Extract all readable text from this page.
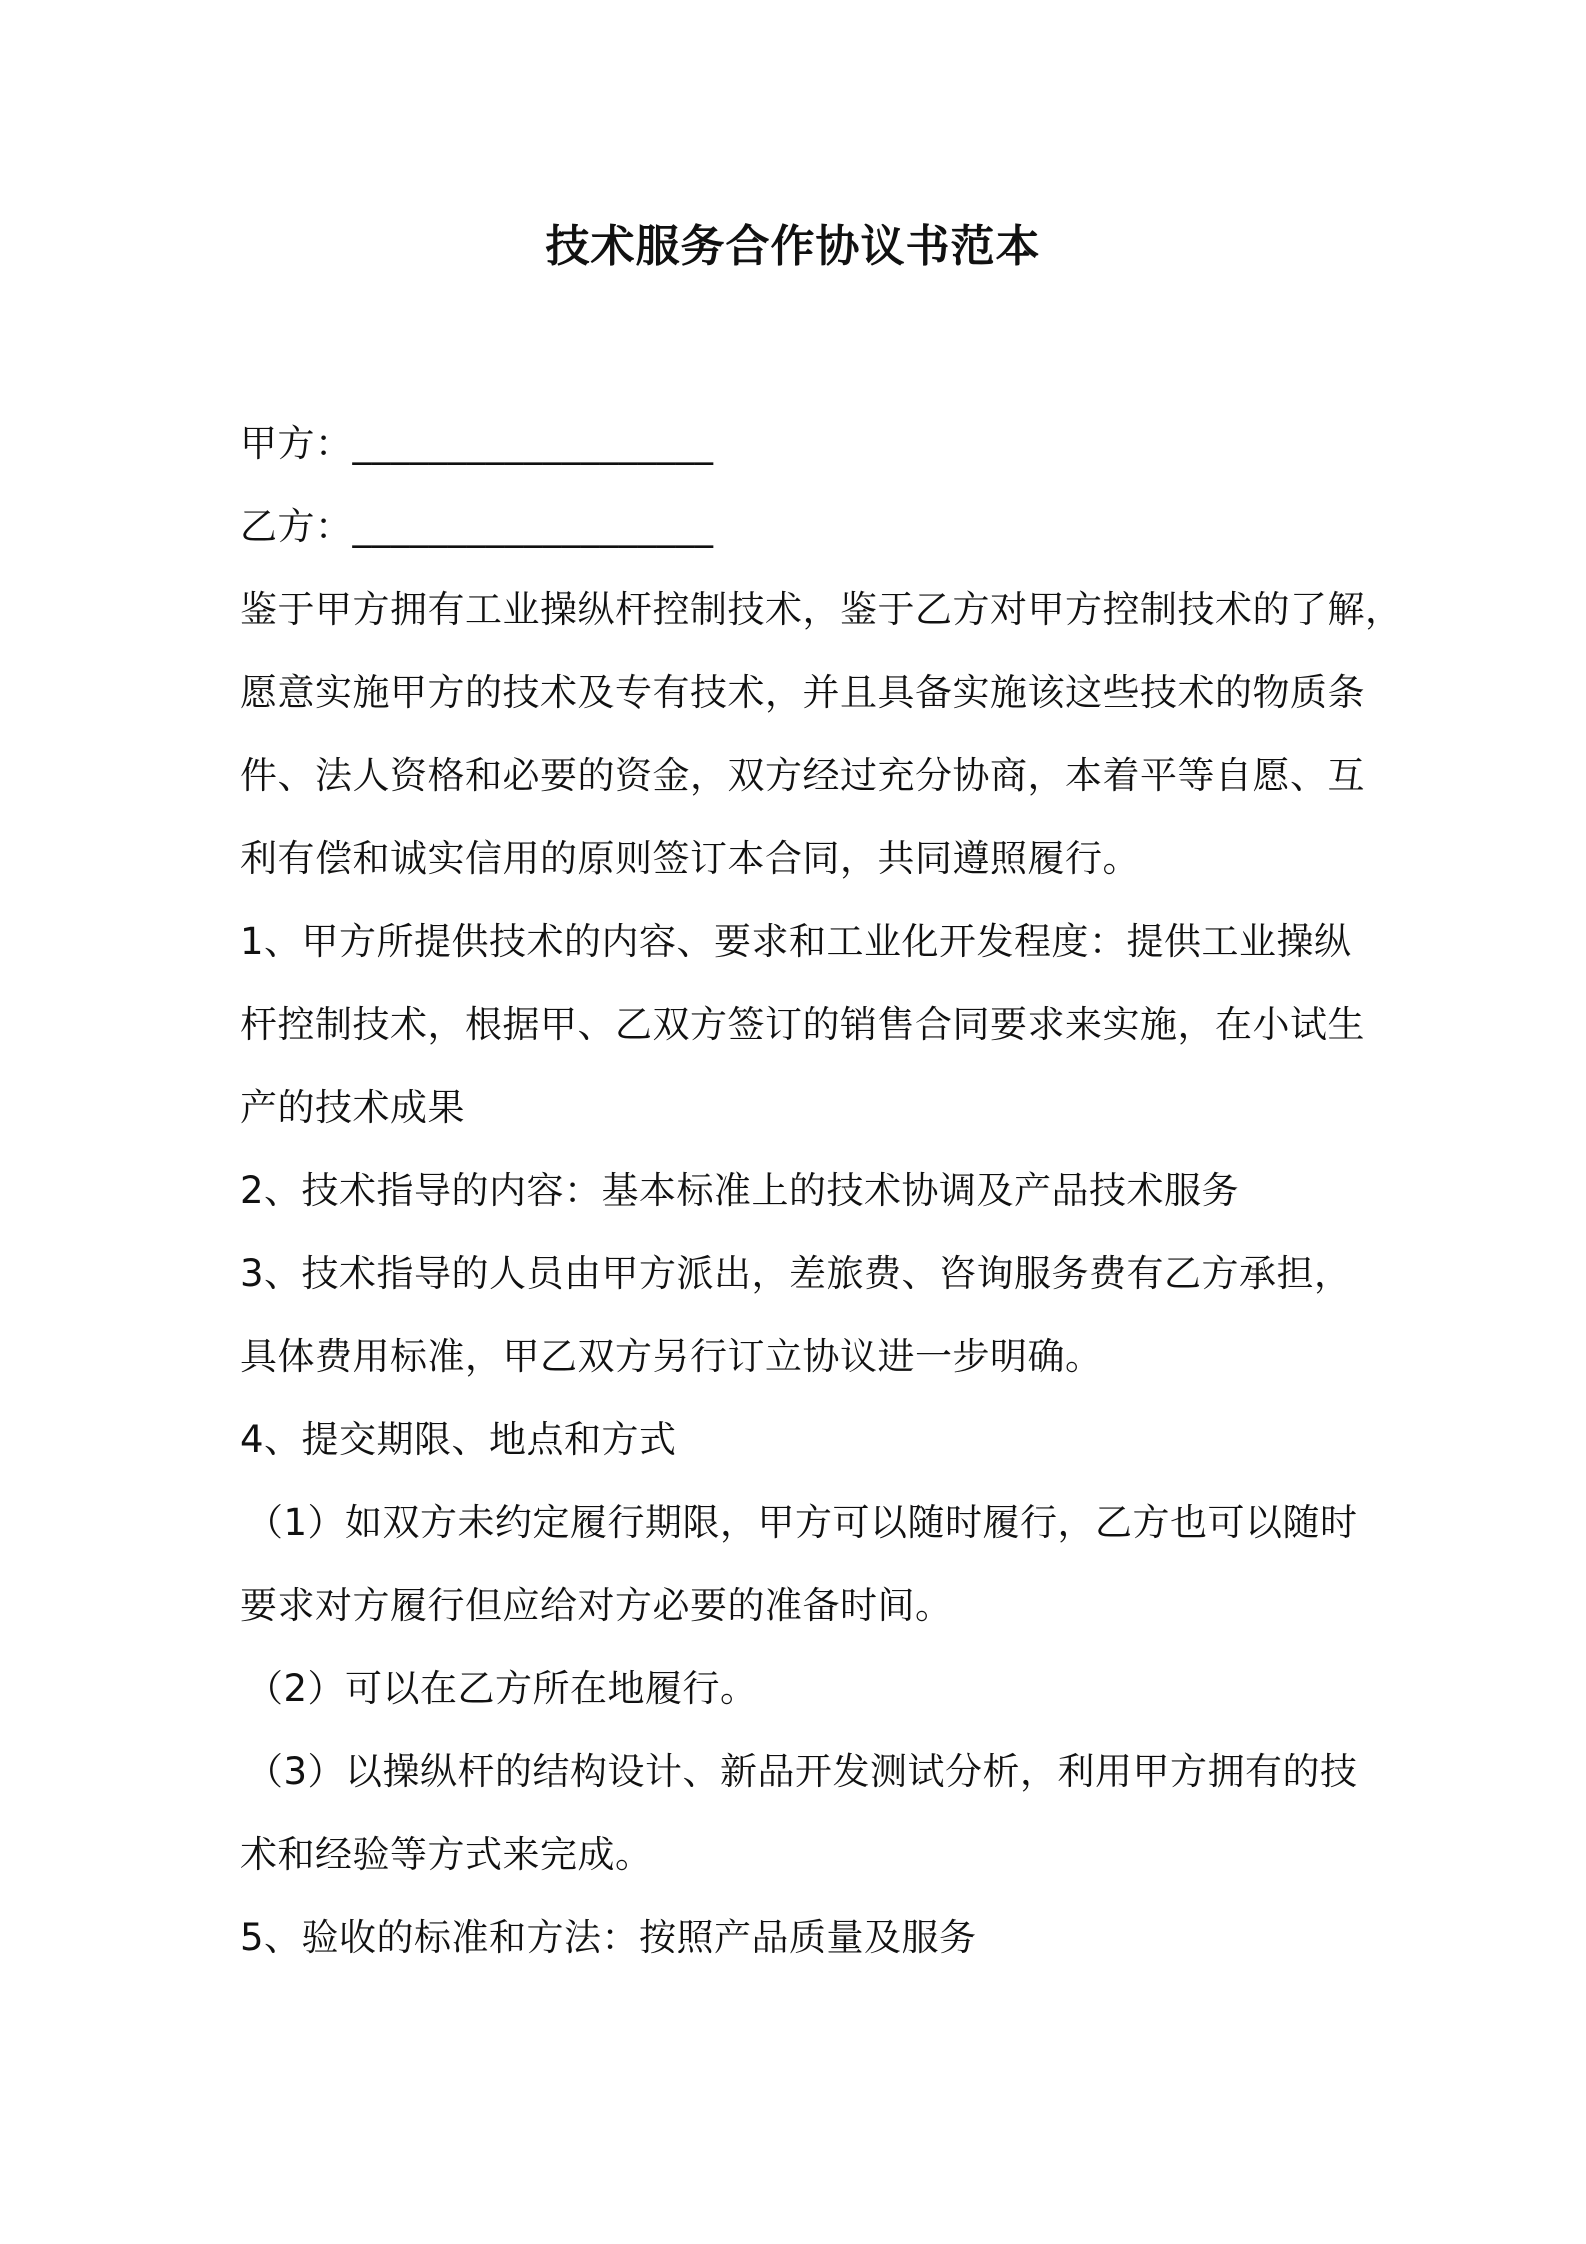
技术服务合作协议书范本
甲方：___________________
乙方：___________________
鉴于甲方拥有工业操纵杆控制技术，鉴于乙方对甲方控制技术的了解，
愿意实施甲方的技术及专有技术，并且具备实施该这些技术的物质条
件、法人资格和必要的资金，双方经过充分协商，本着平等自愿、互
利有偿和诚实信用的原则签订本合同，共同遵照履行。
1、甲方所提供技术的内容、要求和工业化开发程度：提供工业操纵
杆控制技术，根据甲、乙双方签订的销售合同要求来实施，在小试生
产的技术成果
2、技术指导的内容：基本标准上的技术协调及产品技术服务
3、技术指导的人员由甲方派出，差旅费、咨询服务费有乙方承担，
具体费用标准，甲乙双方另行订立协议进一步明确。
4、提交期限、地点和方式
（1）如双方未约定履行期限，甲方可以随时履行，乙方也可以随时
要求对方履行但应给对方必要的准备时间。
（2）可以在乙方所在地履行。
（3）以操纵杆的结构设计、新品开发测试分析，利用甲方拥有的技
术和经验等方式来完成。
5、验收的标准和方法：按照产品质量及服务
